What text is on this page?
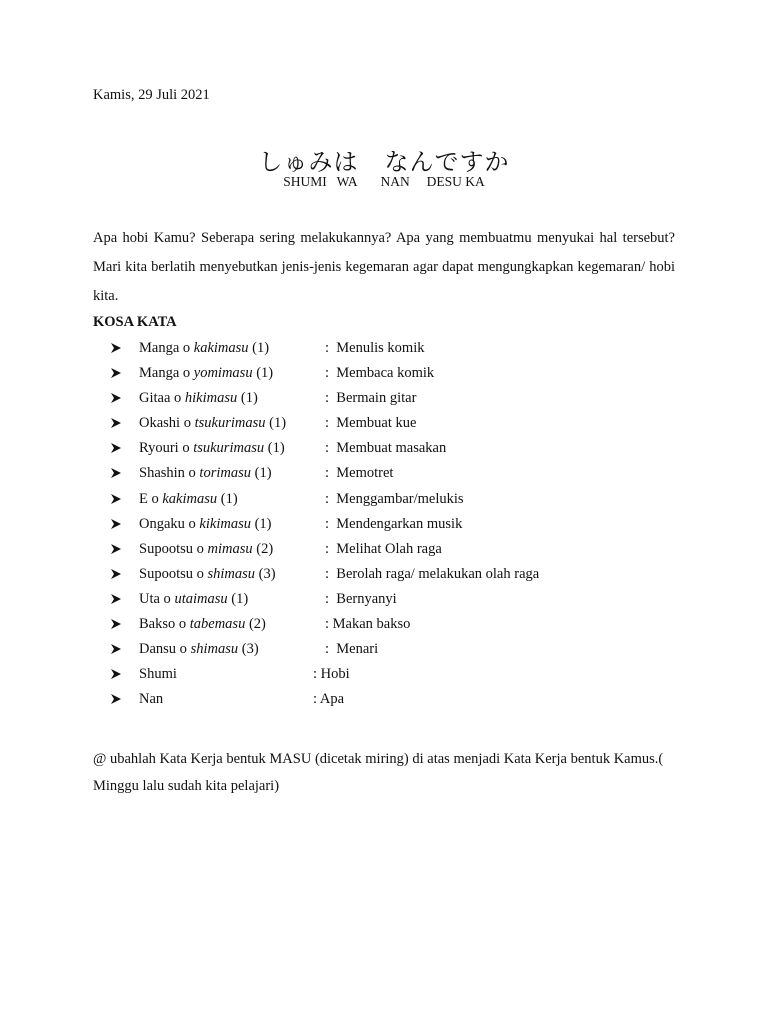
Kamis, 29 Juli 2021
しゅみは なんですか
SHUMI   WA       NAN     DESU KA
Apa hobi Kamu? Seberapa sering melakukannya? Apa yang membuatmu menyukai hal tersebut? Mari kita berlatih menyebutkan jenis-jenis kegemaran agar dapat mengungkapkan kegemaran/ hobi kita.
KOSA KATA
Manga o kakimasu (1)	:  Menulis komik
Manga o yomimasu (1)	:  Membaca komik
Gitaa o hikimasu (1)	:  Bermain gitar
Okashi o tsukurimasu (1)	:  Membuat kue
Ryouri o tsukurimasu (1)	:  Membuat masakan
Shashin o torimasu (1)	:  Memotret
E o kakimasu (1)	:  Menggambar/melukis
Ongaku o kikimasu (1)	:  Mendengarkan musik
Supootsu o mimasu (2)	:  Melihat Olah raga
Supootsu o shimasu (3)	:  Berolah raga/ melakukan olah raga
Uta o utaimasu (1)	:  Bernyanyi
Bakso o tabemasu (2)	: Makan bakso
Dansu o shimasu (3)	:  Menari
Shumi	: Hobi
Nan	: Apa
@ ubahlah Kata Kerja bentuk MASU (dicetak miring) di atas menjadi Kata Kerja bentuk Kamus.( Minggu lalu sudah kita pelajari)
